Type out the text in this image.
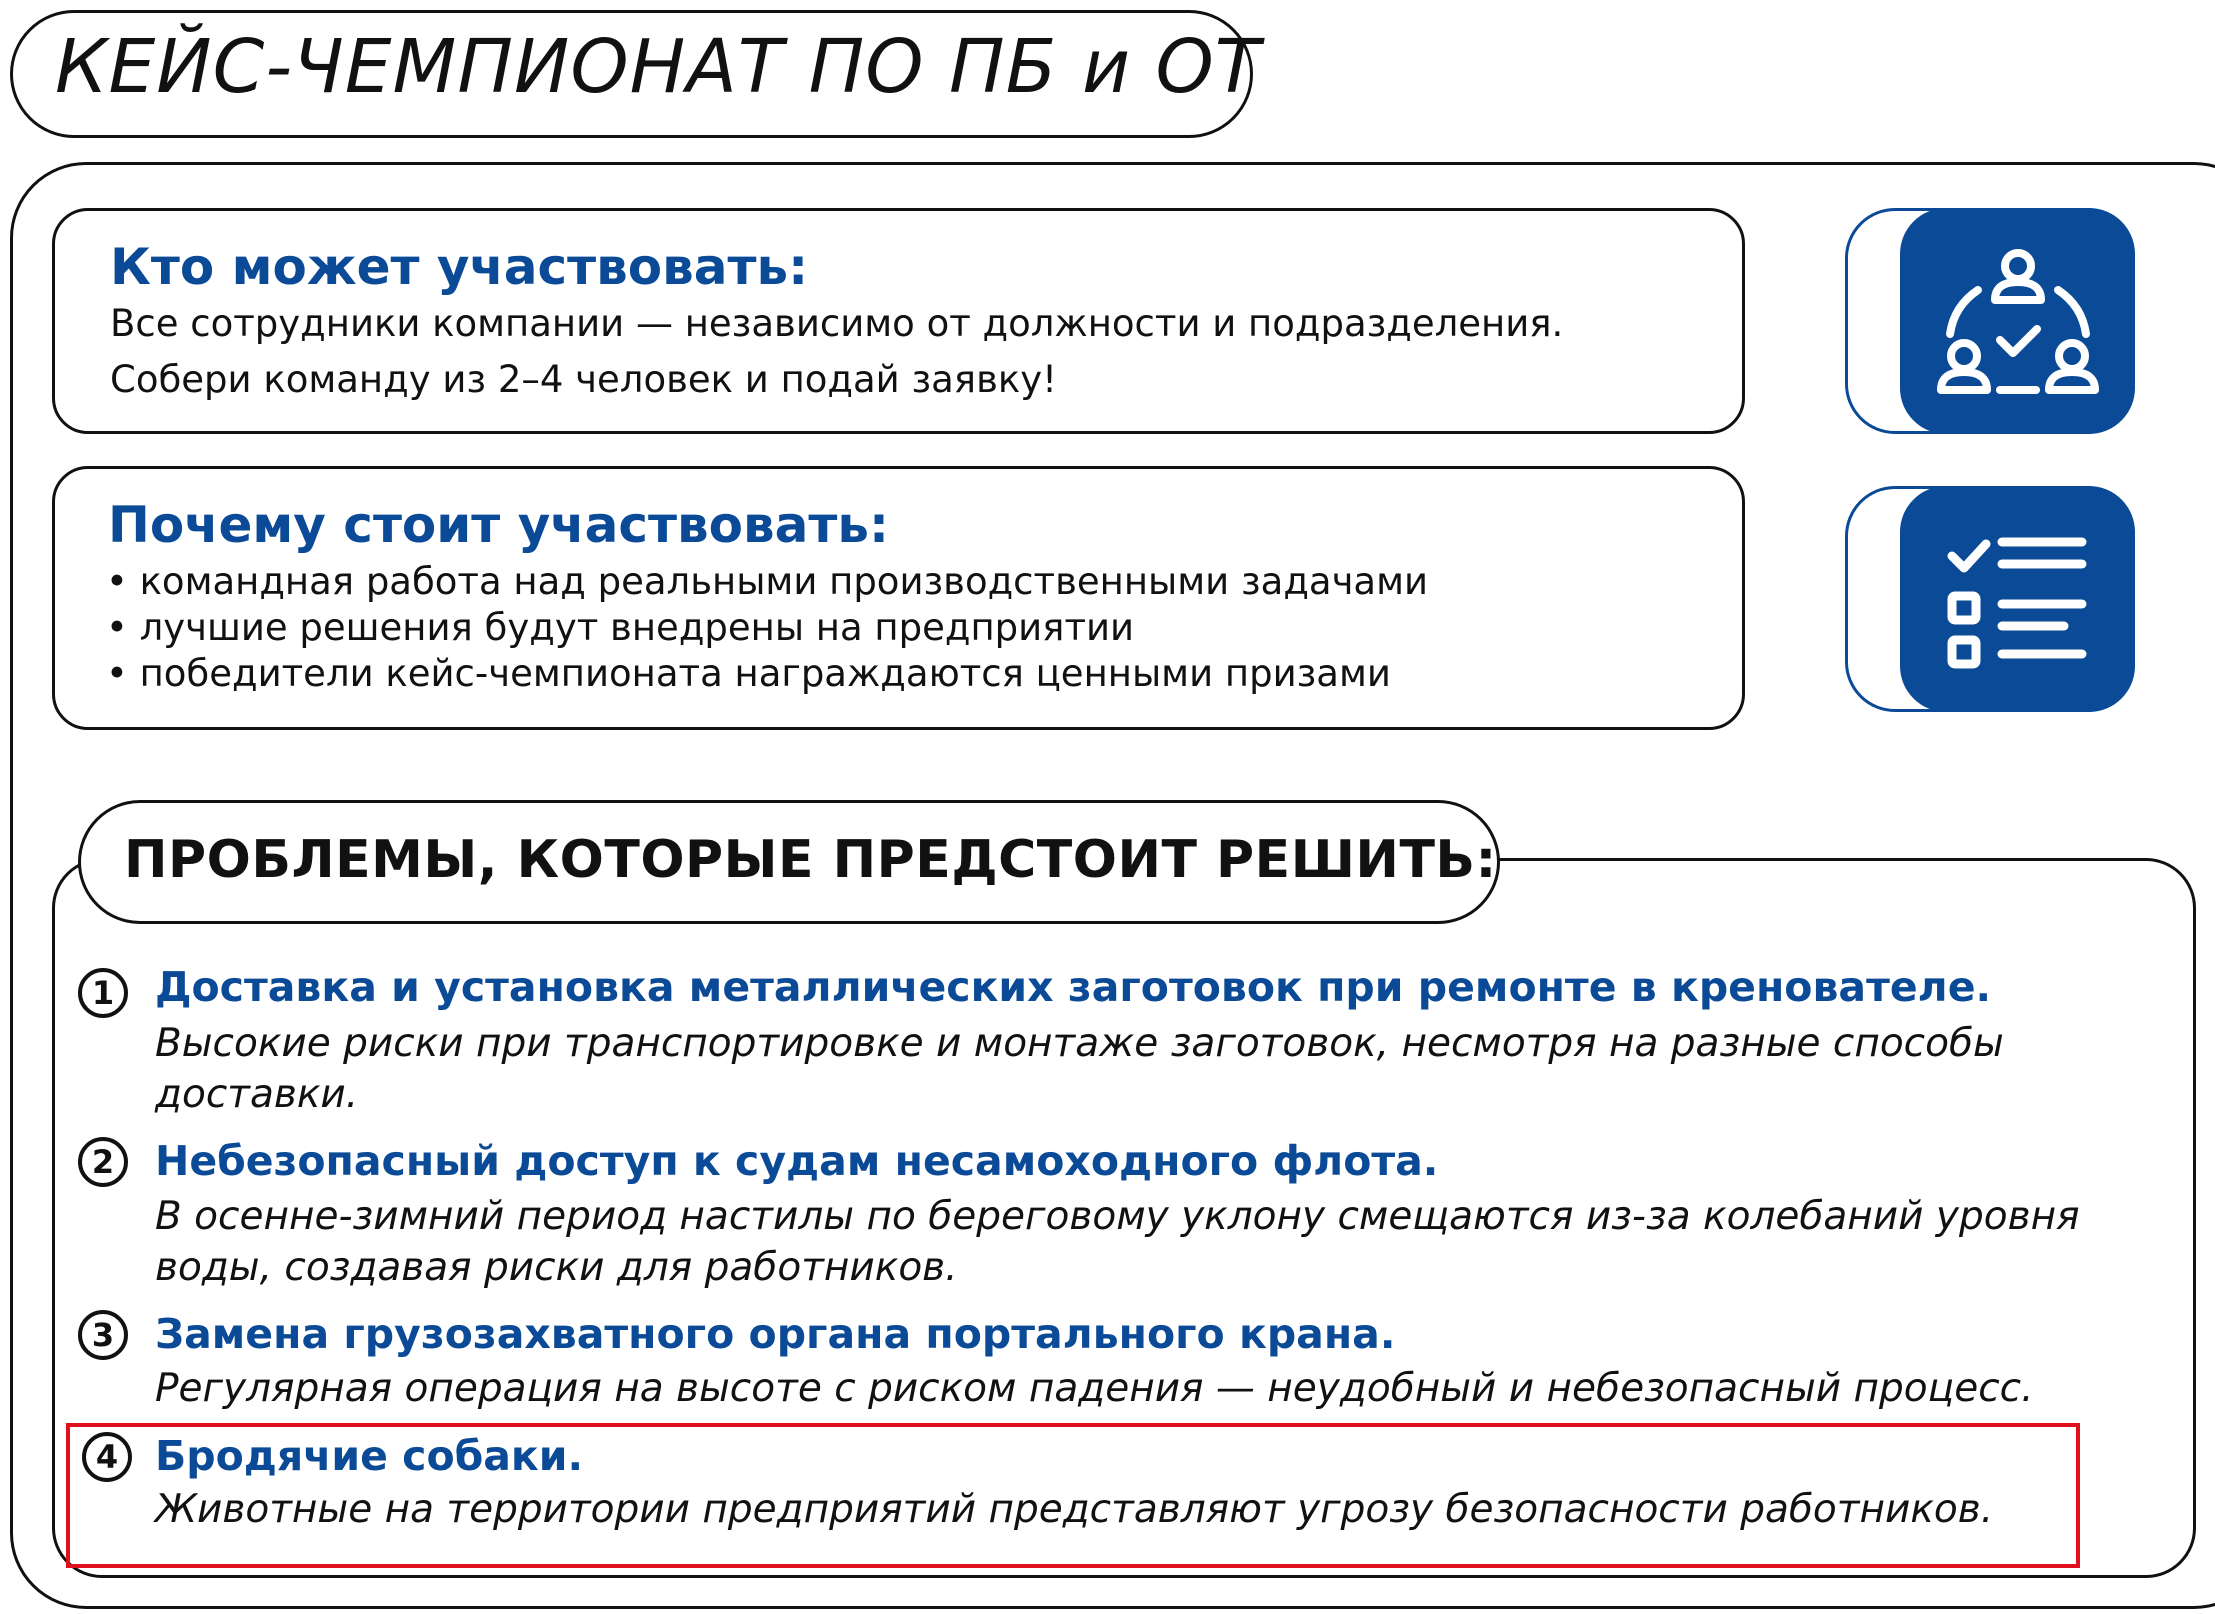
КЕЙС-ЧЕМПИОНАТ ПО ПБ и ОТ
Кто может участвовать:
Все сотрудники компании — независимо от должности и подразделения.
Собери команду из 2–4 человек и подай заявку!
Почему стоит участвовать:
• командная работа над реальными производственными задачами
• лучшие решения будут внедрены на предприятии
• победители кейс-чемпионата награждаются ценными призами
ПРОБЛЕМЫ, КОТОРЫЕ ПРЕДСТОИТ РЕШИТЬ:
1 Доставка и установка металлических заготовок при ремонте в кренователе.
Высокие риски при транспортировке и монтаже заготовок, несмотря на разные способы
доставки.
2 Небезопасный доступ к судам несамоходного флота.
В осенне-зимний период настилы по береговому уклону смещаются из-за колебаний уровня
воды, создавая риски для работников.
3 Замена грузозахватного органа портального крана.
Регулярная операция на высоте с риском падения — неудобный и небезопасный процесс.
4 Бродячие собаки.
Животные на территории предприятий представляют угрозу безопасности работников.
